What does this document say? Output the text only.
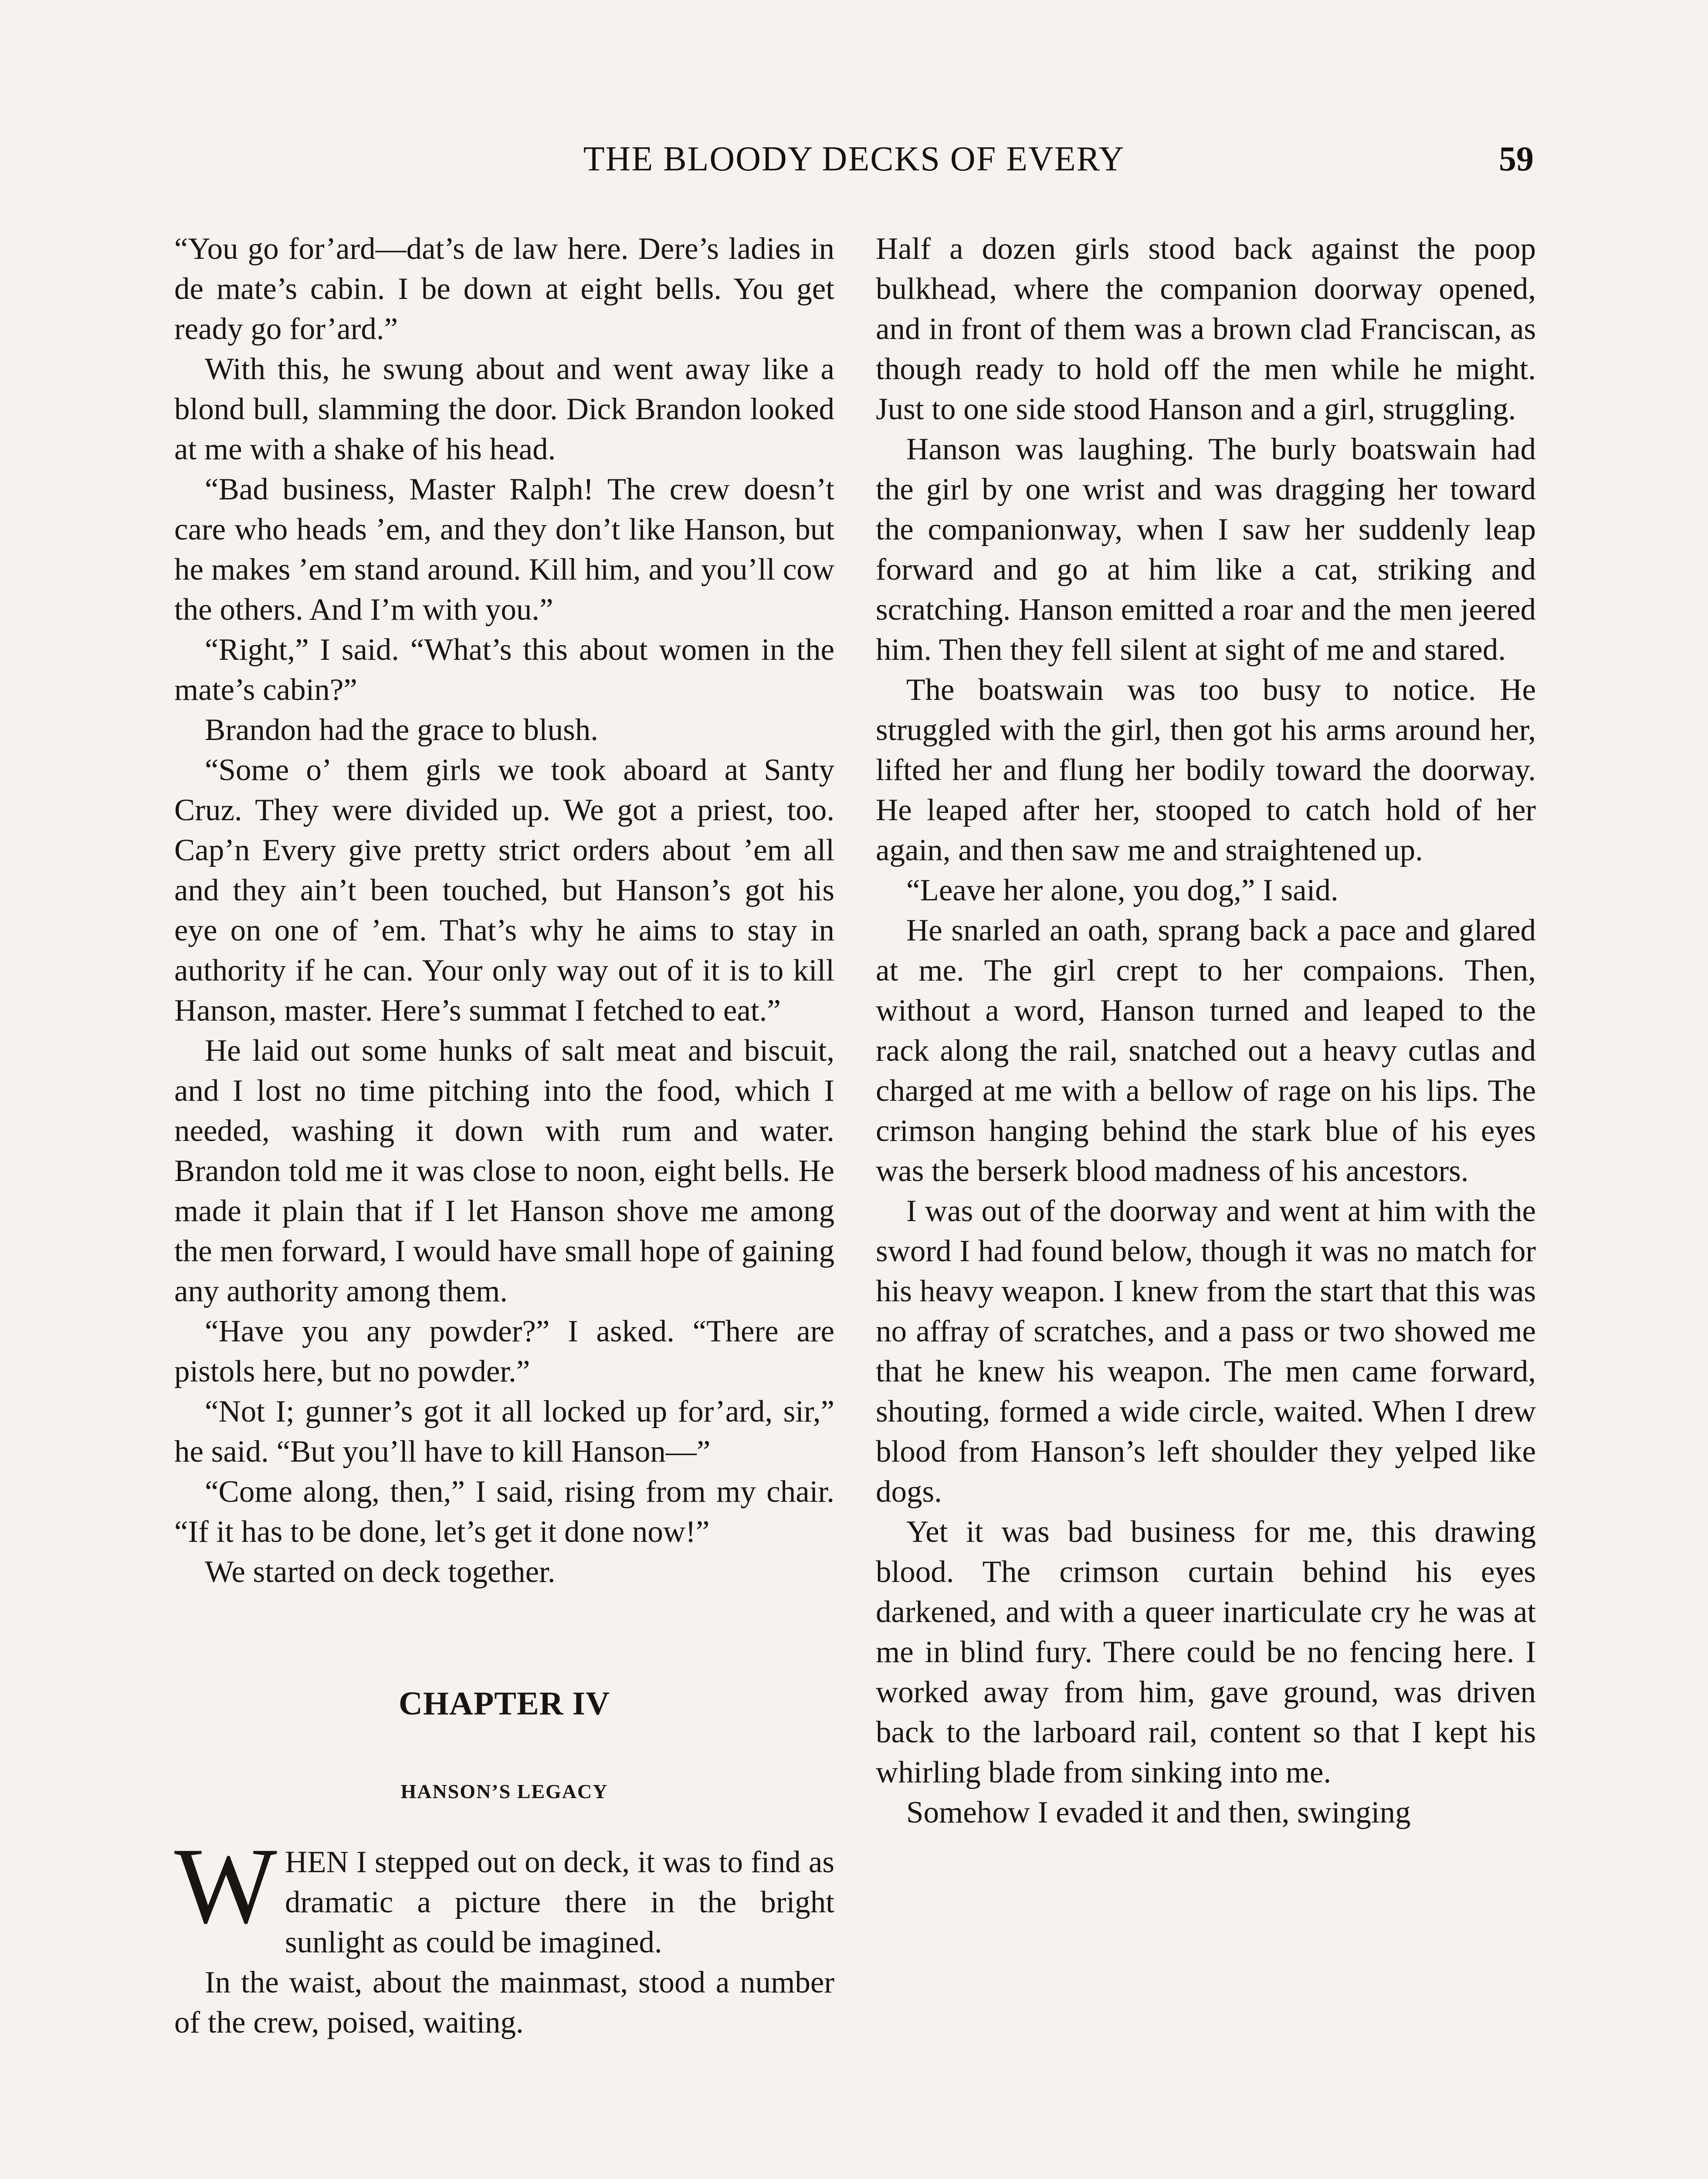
THE BLOODY DECKS OF EVERY	59

“You go for’ard—dat’s de law here. Dere’s ladies in de mate’s cabin. I be down at eight bells. You get ready go for’ard.”

With this, he swung about and went away like a blond bull, slamming the door. Dick Brandon looked at me with a shake of his head.

“Bad business, Master Ralph! The crew doesn’t care who heads ’em, and they don’t like Hanson, but he makes ’em stand around. Kill him, and you’ll cow the others. And I’m with you.”

“Right,” I said. “What’s this about women in the mate’s cabin?”

Brandon had the grace to blush.

“Some o’ them girls we took aboard at Santy Cruz. They were divided up. We got a priest, too. Cap’n Every give pretty strict orders about ’em all and they ain’t been touched, but Hanson’s got his eye on one of ’em. That’s why he aims to stay in authority if he can. Your only way out of it is to kill Hanson, master. Here’s summat I fetched to eat.”

He laid out some hunks of salt meat and biscuit, and I lost no time pitching into the food, which I needed, washing it down with rum and water. Brandon told me it was close to noon, eight bells. He made it plain that if I let Hanson shove me among the men forward, I would have small hope of gaining any authority among them.

“Have you any powder?” I asked. “There are pistols here, but no powder.”

“Not I; gunner’s got it all locked up for’ard, sir,” he said. “But you’ll have to kill Hanson—”

“Come along, then,” I said, rising from my chair. “If it has to be done, let’s get it done now!”

We started on deck together.

CHAPTER IV
HANSON’S LEGACY

WHEN I stepped out on deck, it was to find as dramatic a picture there in the bright sunlight as could be imagined.

In the waist, about the mainmast, stood a number of the crew, poised, waiting.

Half a dozen girls stood back against the poop bulkhead, where the companion doorway opened, and in front of them was a brown clad Franciscan, as though ready to hold off the men while he might. Just to one side stood Hanson and a girl, struggling.

Hanson was laughing. The burly boatswain had the girl by one wrist and was dragging her toward the companionway, when I saw her suddenly leap forward and go at him like a cat, striking and scratching. Hanson emitted a roar and the men jeered him. Then they fell silent at sight of me and stared.

The boatswain was too busy to notice. He struggled with the girl, then got his arms around her, lifted her and flung her bodily toward the doorway. He leaped after her, stooped to catch hold of her again, and then saw me and straightened up.

“Leave her alone, you dog,” I said.

He snarled an oath, sprang back a pace and glared at me. The girl crept to her compaions. Then, without a word, Hanson turned and leaped to the rack along the rail, snatched out a heavy cutlas and charged at me with a bellow of rage on his lips. The crimson hanging behind the stark blue of his eyes was the berserk blood madness of his ancestors.

I was out of the doorway and went at him with the sword I had found below, though it was no match for his heavy weapon. I knew from the start that this was no affray of scratches, and a pass or two showed me that he knew his weapon. The men came forward, shouting, formed a wide circle, waited. When I drew blood from Hanson’s left shoulder they yelped like dogs.

Yet it was bad business for me, this drawing blood. The crimson curtain behind his eyes darkened, and with a queer inarticulate cry he was at me in blind fury. There could be no fencing here. I worked away from him, gave ground, was driven back to the larboard rail, content so that I kept his whirling blade from sinking into me.

Somehow I evaded it and then, swinging
